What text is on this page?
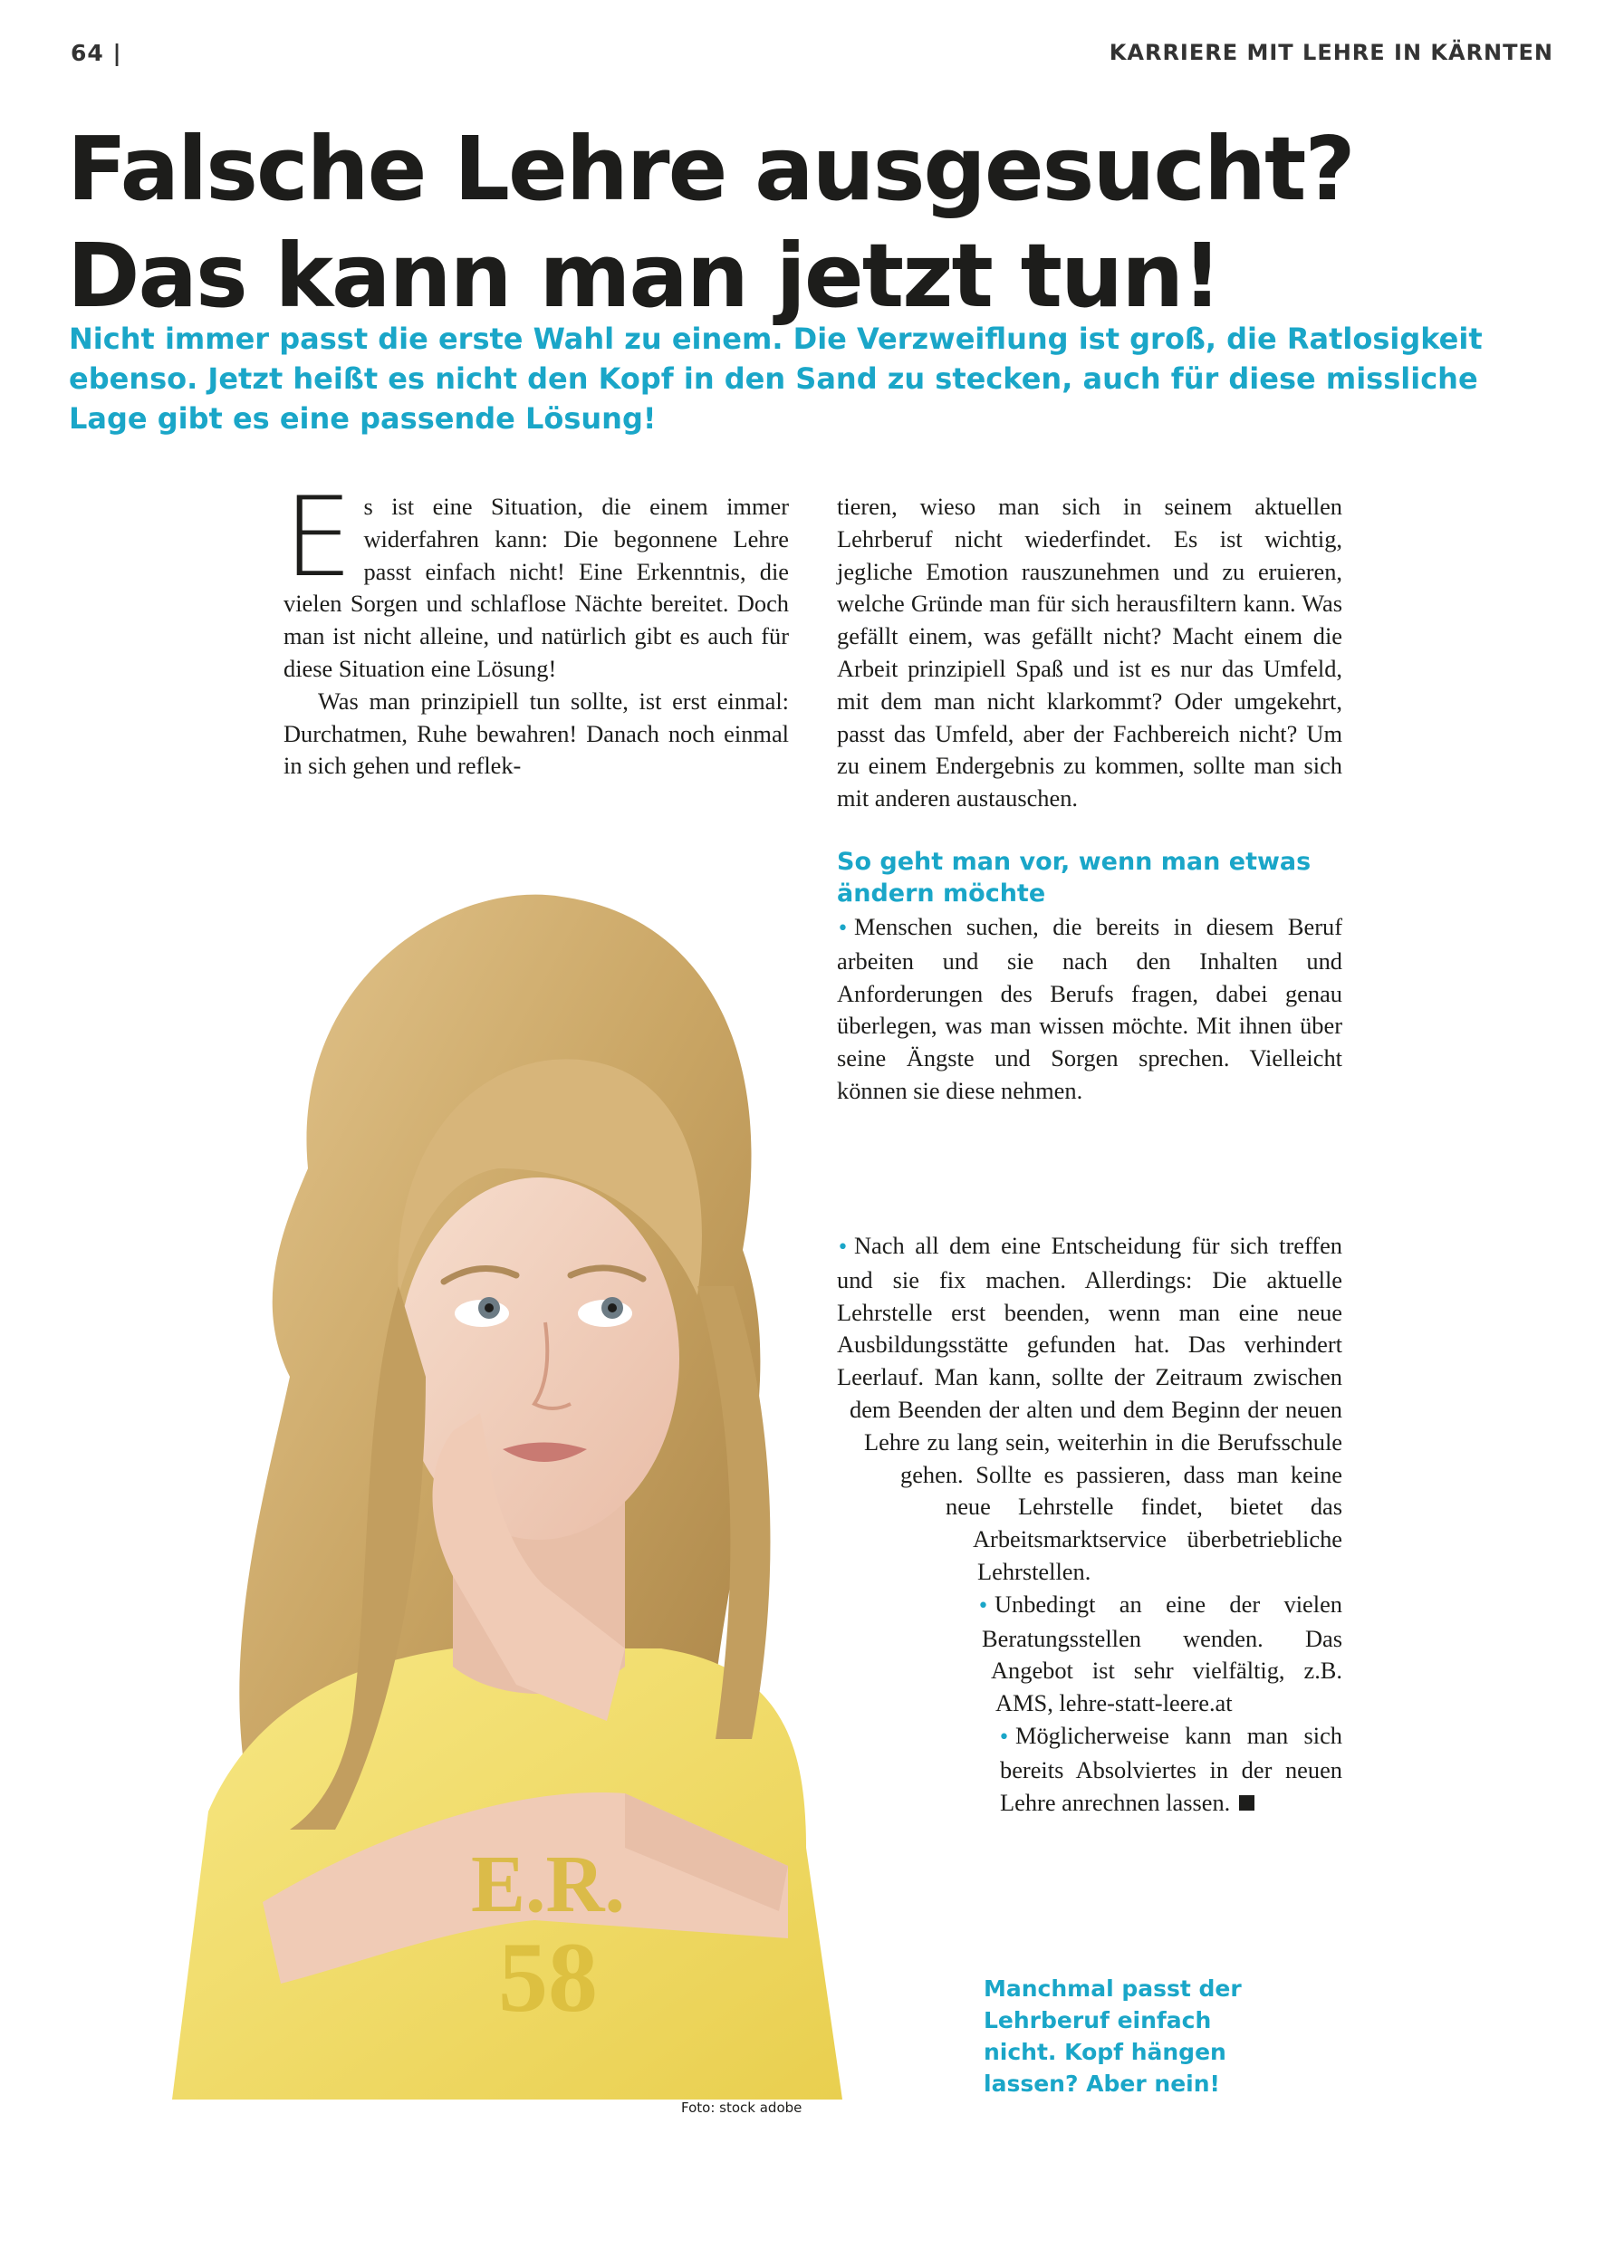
64 |	KARRIERE MIT LEHRE IN KÄRNTEN
Falsche Lehre ausgesucht?
Das kann man jetzt tun!

Nicht immer passt die erste Wahl zu einem. Die Verzweiflung ist groß, die Ratlosigkeit ebenso. Jetzt heißt es nicht den Kopf in den Sand zu stecken, auch für diese missliche Lage gibt es eine passende Lösung!

Es ist eine Situation, die einem immer widerfahren kann: Die begonnene Lehre passt einfach nicht! Eine Erkenntnis, die vielen Sorgen und schlaflose Nächte bereitet. Doch man ist nicht alleine, und natürlich gibt es auch für diese Situation eine Lösung!

Was man prinzipiell tun sollte, ist erst einmal: Durchatmen, Ruhe bewahren! Danach noch einmal in sich gehen und reflek-

tieren, wieso man sich in seinem aktuellen Lehrberuf nicht wiederfindet. Es ist wichtig, jegliche Emotion rauszunehmen und zu eruieren, welche Gründe man für sich herausfiltern kann. Was gefällt einem, was gefällt nicht? Macht einem die Arbeit prinzipiell Spaß und ist es nur das Umfeld, mit dem man nicht klarkommt? Oder umgekehrt, passt das Umfeld, aber der Fachbereich nicht? Um zu einem Endergebnis zu kommen, sollte man sich mit anderen austauschen.

So geht man vor, wenn man etwas ändern möchte

• Menschen suchen, die bereits in diesem Beruf arbeiten und sie nach den Inhalten und Anforderungen des Berufs fragen, dabei genau überlegen, was man wissen möchte. Mit ihnen über seine Ängste und Sorgen sprechen. Vielleicht können sie diese nehmen.

• Nach all dem eine Entscheidung für sich treffen und sie fix machen. Allerdings: Die aktuelle Lehrstelle erst beenden, wenn man eine neue Ausbildungsstätte gefunden hat. Das verhindert Leerlauf. Man kann, sollte der Zeitraum zwischen dem Beenden der alten und dem Beginn der neuen Lehre zu lang sein, weiterhin in die Berufsschule gehen. Sollte es passieren, dass man keine neue Lehrstelle findet, bietet das Arbeitsmarktservice überbetriebliche Lehrstellen.

• Unbedingt an eine der vielen Beratungsstellen wenden. Das Angebot ist sehr vielfältig, z.B. AMS, lehre-statt-leere.at

• Möglicherweise kann man sich bereits Absolviertes in der neuen Lehre anrechnen lassen.

E.R.
58
Foto: stock adobe

Manchmal passt der Lehrberuf einfach nicht. Kopf hängen lassen? Aber nein!
